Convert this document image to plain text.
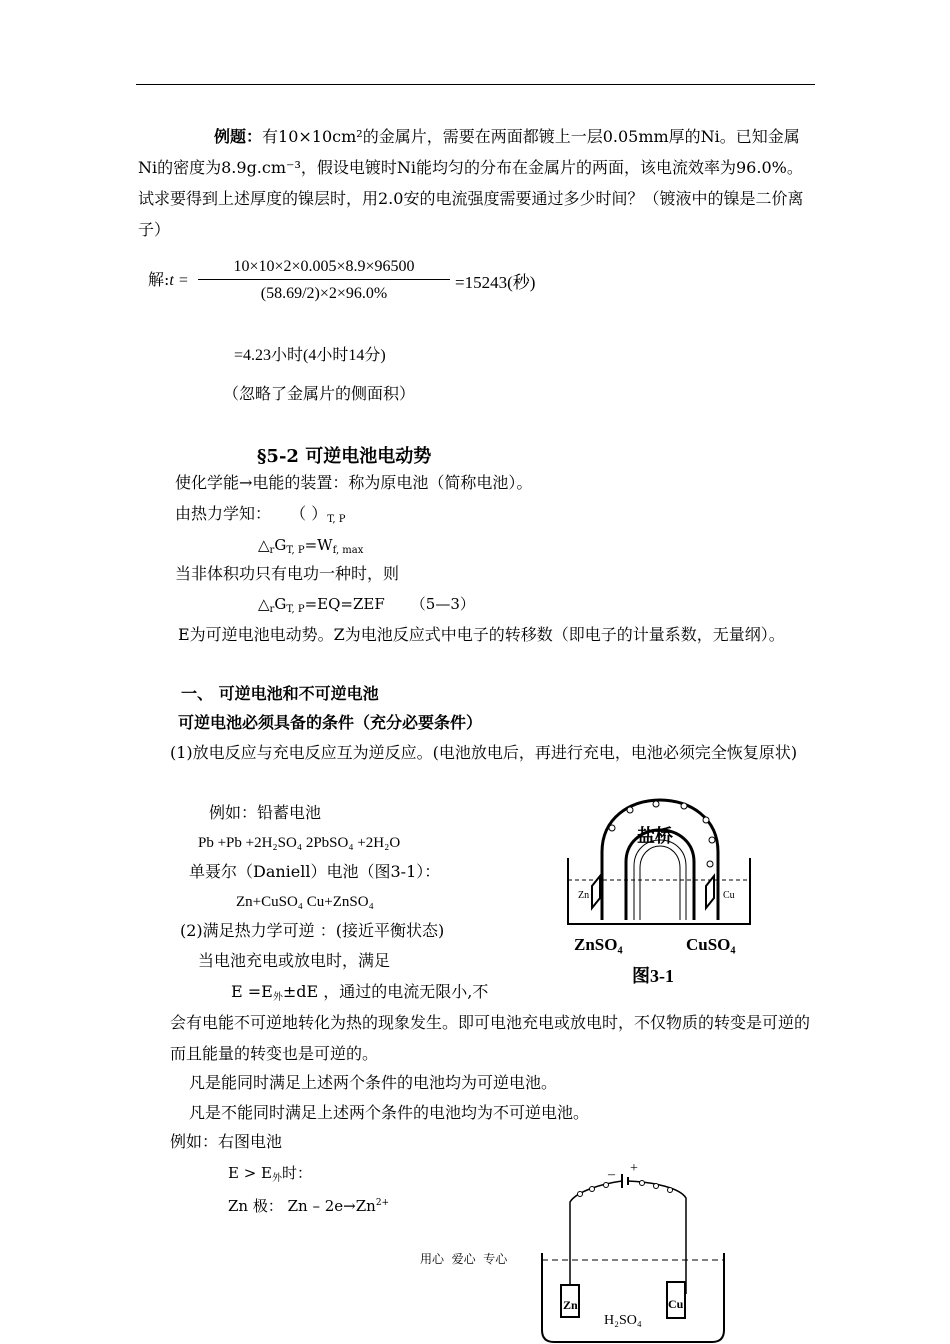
例题：有10×10cm²的金属片，需要在两面都镀上一层0.05mm厚的Ni。已知金属Ni的密度为8.9g.cm⁻³，假设电镀时Ni能均匀的分布在金属片的两面，该电流效率为96.0%。试求要得到上述厚度的镍层时，用2.0安的电流强度需要通过多少时间？（镀液中的镍是二价离子）
解:t = $\frac{10\times 10\times 2\times 0.005\times 8.9\times 96500}{(58.69/2)\times 2\times 96.0\%} =15243$(秒)
=4.23小时(4小时14分)
（忽略了金属片的侧面积）
§5-2 可逆电池电动势
使化学能→电能的装置：称为原电池（简称电池）。
由热力学知： （ ）$_{T, P}$
$\triangle_rG_{T, P}=W_{f, max}$
当非体积功只有电功一种时，则
$\triangle_rG_{T, P}=EQ=ZEF$ （5—3）
E为可逆电池电动势。Z为电池反应式中电子的转移数（即电子的计量系数，无量纲）。
一、 可逆电池和不可逆电池
可逆电池必须具备的条件（充分必要条件）
(1)放电反应与充电反应互为逆反应。(电池放电后，再进行充电，电池必须完全恢复原状)
例如：铅蓄电池
Pb +Pb +2H₂SO₄ 2PbSO₄ +2H₂O
单聂尔（Daniell）电池（图3-1）：
Zn+CuSO₄ Cu+ZnSO₄
(2)满足热力学可逆 ：(接近平衡状态)
当电池充电或放电时，满足
$E =E_外\pm dE$ ，通过的电流无限小,不
会有电能不可逆地转化为热的现象发生。即可电池充电或放电时，不仅物质的转变是可逆的而且能量的转变也是可逆的。
凡是能同时满足上述两个条件的电池均为可逆电池。
凡是不能同时满足上述两个条件的电池均为不可逆电池。
例如：右图电池
$E > E_外$时：
Zn 极： $Zn - 2e\to Zn^{2+}$
盐桥
Zn	Cu
ZnSO₄	CuSO₄
图3-1
– +
Zn	Cu
H₂SO₄
用心  爱心  专心
